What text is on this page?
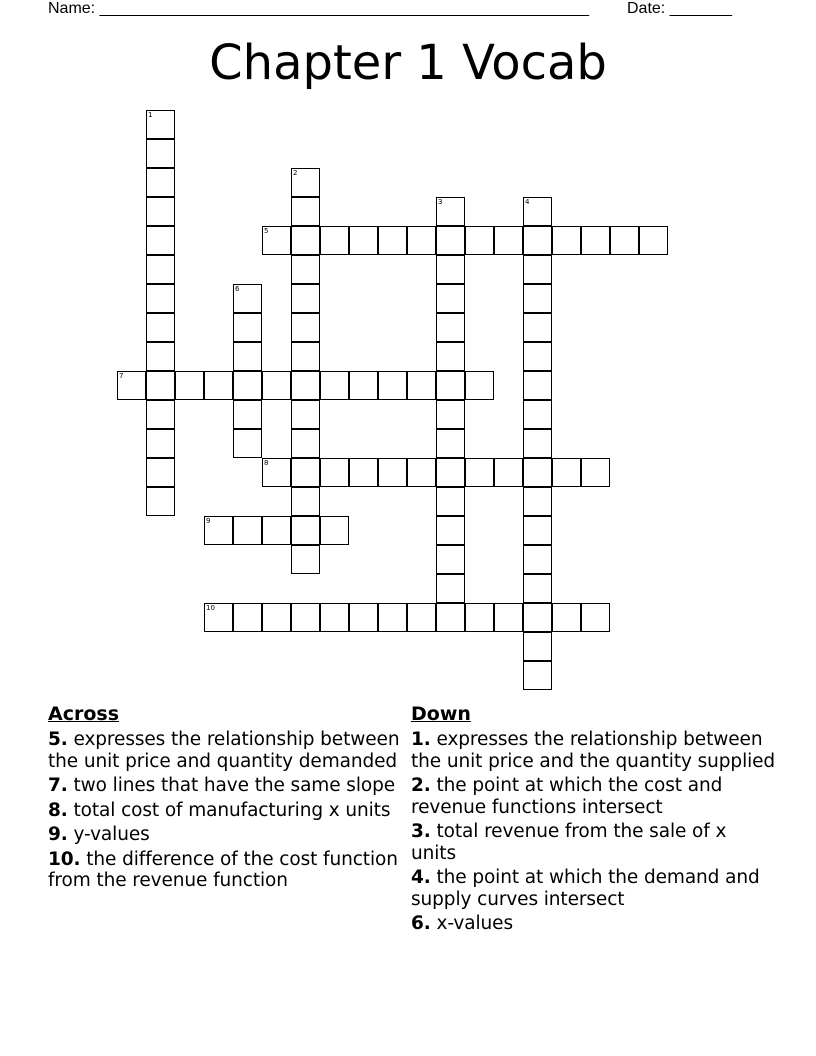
Name: _______________________________________________________ Date: _______
Chapter 1 Vocab
1
2
3	4
5
6
7
8
9
10
Across
5. expresses the relationship between the unit price and quantity demanded
7. two lines that have the same slope
8. total cost of manufacturing x units
9. y-values
10. the difference of the cost function from the revenue function
Down
1. expresses the relationship between the unit price and the quantity supplied
2. the point at which the cost and revenue functions intersect
3. total revenue from the sale of x units
4. the point at which the demand and supply curves intersect
6. x-values
